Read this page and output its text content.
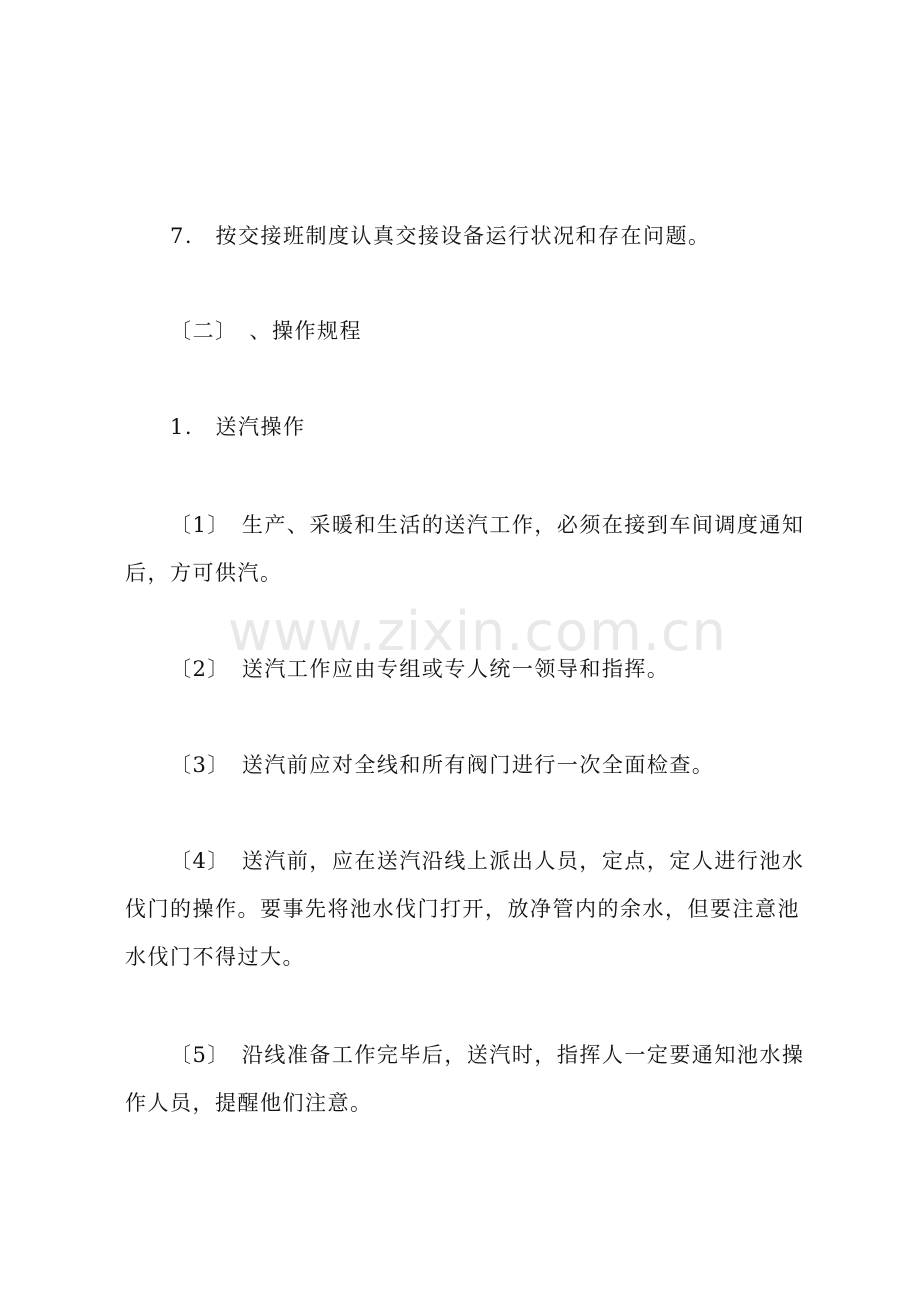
www.zixin.com.cn
7.　按交接班制度认真交接设备运行状况和存在问题。
〔二〕　、操作规程
1.　送汽操作
〔1〕　生产、采暖和生活的送汽工作，必须在接到车间调度通知
后，方可供汽。
〔2〕　送汽工作应由专组或专人统一领导和指挥。
〔3〕　送汽前应对全线和所有阀门进行一次全面检查。
〔4〕　送汽前，应在送汽沿线上派出人员，定点，定人进行池水
伐门的操作。要事先将池水伐门打开，放净管内的余水，但要注意池
水伐门不得过大。
〔5〕　沿线准备工作完毕后，送汽时，指挥人一定要通知池水操
作人员，提醒他们注意。
